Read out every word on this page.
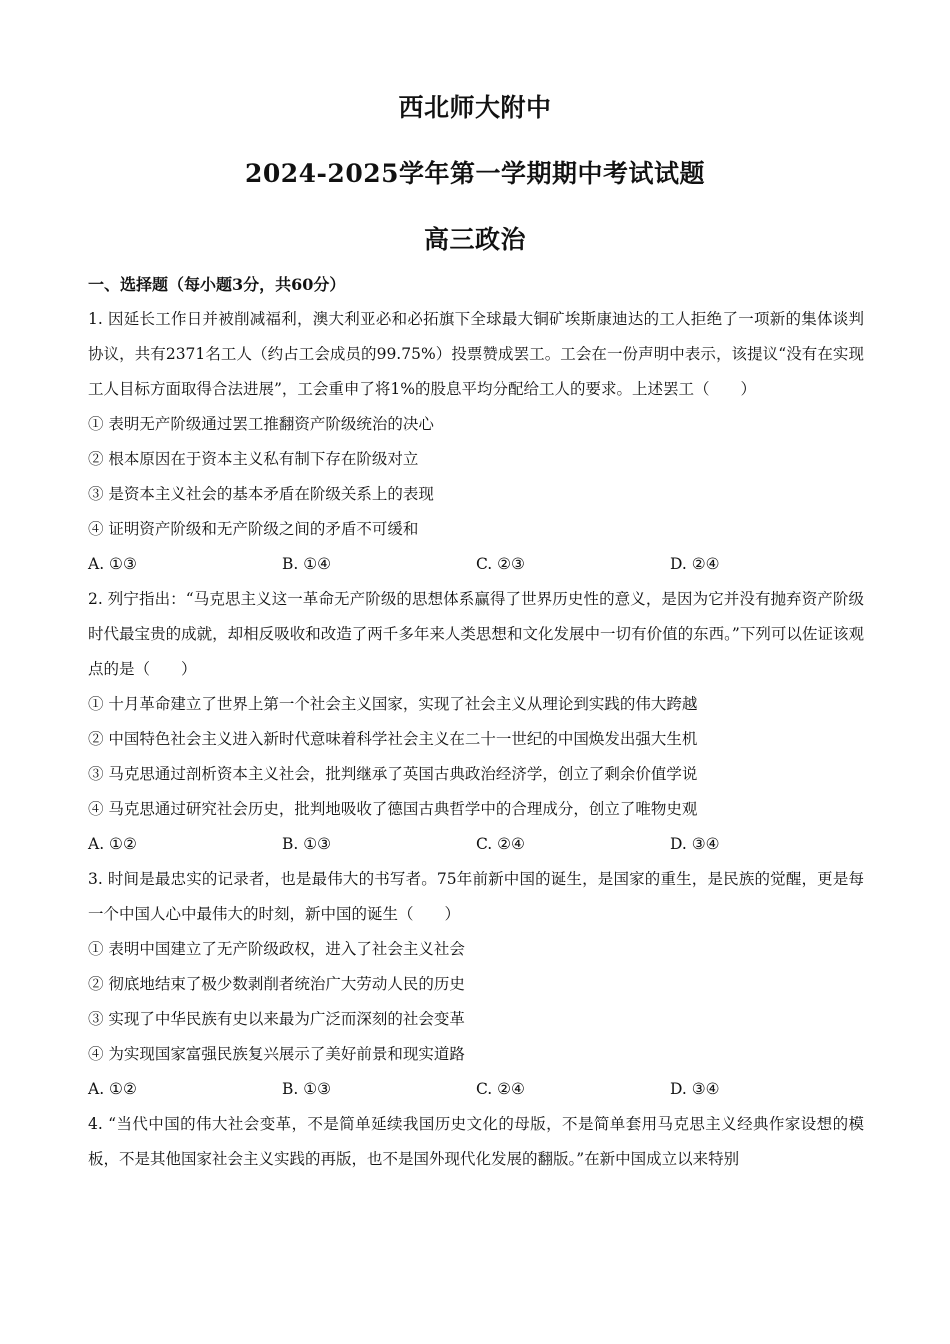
西北师大附中
2024-2025学年第一学期期中考试试题
高三政治
一、选择题（每小题3分，共60分）

1. 因延长工作日并被削减福利，澳大利亚必和必拓旗下全球最大铜矿埃斯康迪达的工人拒绝了一项新的集体谈判协议，共有2371名工人（约占工会成员的99.75%）投票赞成罢工。工会在一份声明中表示，该提议“没有在实现工人目标方面取得合法进展”，工会重申了将1%的股息平均分配给工人的要求。上述罢工（　　）

① 表明无产阶级通过罢工推翻资产阶级统治的决心
② 根本原因在于资本主义私有制下存在阶级对立
③ 是资本主义社会的基本矛盾在阶级关系上的表现
④ 证明资产阶级和无产阶级之间的矛盾不可缓和
A. ①③	B. ①④	C. ②③	D. ②④

2. 列宁指出：“马克思主义这一革命无产阶级的思想体系赢得了世界历史性的意义，是因为它并没有抛弃资产阶级时代最宝贵的成就，却相反吸收和改造了两千多年来人类思想和文化发展中一切有价值的东西。”下列可以佐证该观点的是（　　）

① 十月革命建立了世界上第一个社会主义国家，实现了社会主义从理论到实践的伟大跨越
② 中国特色社会主义进入新时代意味着科学社会主义在二十一世纪的中国焕发出强大生机
③ 马克思通过剖析资本主义社会，批判继承了英国古典政治经济学，创立了剩余价值学说
④ 马克思通过研究社会历史，批判地吸收了德国古典哲学中的合理成分，创立了唯物史观
A. ①②	B. ①③	C. ②④	D. ③④

3. 时间是最忠实的记录者，也是最伟大的书写者。75年前新中国的诞生，是国家的重生，是民族的觉醒，更是每一个中国人心中最伟大的时刻，新中国的诞生（　　）

① 表明中国建立了无产阶级政权，进入了社会主义社会
② 彻底地结束了极少数剥削者统治广大劳动人民的历史
③ 实现了中华民族有史以来最为广泛而深刻的社会变革
④ 为实现国家富强民族复兴展示了美好前景和现实道路
A. ①②	B. ①③	C. ②④	D. ③④

4. “当代中国的伟大社会变革，不是简单延续我国历史文化的母版，不是简单套用马克思主义经典作家设想的模板，不是其他国家社会主义实践的再版，也不是国外现代化发展的翻版。”在新中国成立以来特别
